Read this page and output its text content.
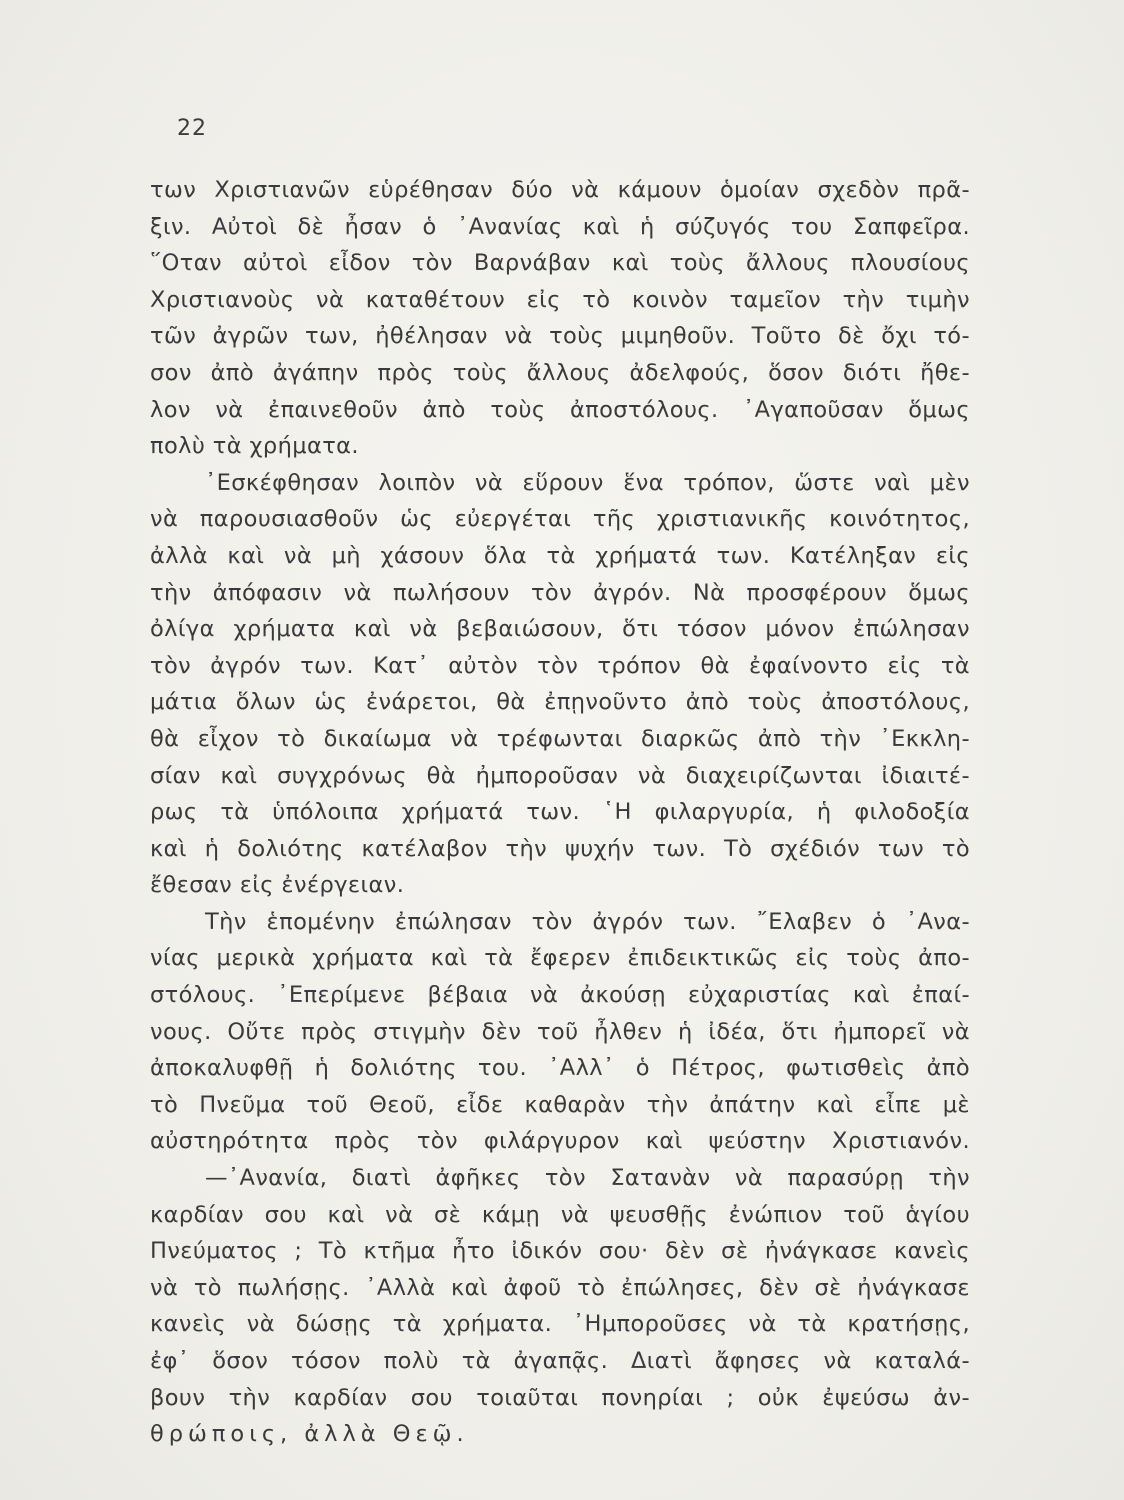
22
των Χριστιανῶν εὑρέθησαν δύο νὰ κάμουν ὁμοίαν σχεδὸν πρᾶ-
ξιν. Αὐτοὶ δὲ ἦσαν ὁ ᾿Ανανίας καὶ ἡ σύζυγός του Σαπφεῖρα.
῞Οταν αὐτοὶ εἶδον τὸν Βαρνάβαν καὶ τοὺς ἄλλους πλουσίους
Χριστιανοὺς νὰ καταθέτουν εἰς τὸ κοινὸν ταμεῖον τὴν τιμὴν
τῶν ἀγρῶν των, ἠθέλησαν νὰ τοὺς μιμηθοῦν. Τοῦτο δὲ ὄχι τό-
σον ἀπὸ ἀγάπην πρὸς τοὺς ἄλλους ἀδελφούς, ὅσον διότι ἤθε-
λον νὰ ἐπαινεθοῦν ἀπὸ τοὺς ἀποστόλους. ᾿Αγαποῦσαν ὅμως
πολὺ τὰ χρήματα.
᾿Εσκέφθησαν λοιπὸν νὰ εὕρουν ἕνα τρόπον, ὥστε ναὶ μὲν
νὰ παρουσιασθοῦν ὡς εὐεργέται τῆς χριστιανικῆς κοινότητος,
ἀλλὰ καὶ νὰ μὴ χάσουν ὅλα τὰ χρήματά των. Κατέληξαν εἰς
τὴν ἀπόφασιν νὰ πωλήσουν τὸν ἀγρόν. Νὰ προσφέρουν ὅμως
ὀλίγα χρήματα καὶ νὰ βεβαιώσουν, ὅτι τόσον μόνον ἐπώλησαν
τὸν ἀγρόν των. Κατ᾿ αὐτὸν τὸν τρόπον θὰ ἐφαίνοντο εἰς τὰ
μάτια ὅλων ὡς ἐνάρετοι, θὰ ἐπῃνοῦντο ἀπὸ τοὺς ἀποστόλους,
θὰ εἶχον τὸ δικαίωμα νὰ τρέφωνται διαρκῶς ἀπὸ τὴν ᾿Εκκλη-
σίαν καὶ συγχρόνως θὰ ἠμποροῦσαν νὰ διαχειρίζωνται ἰδιαιτέ-
ρως τὰ ὑπόλοιπα χρήματά των. ῾Η φιλαργυρία, ἡ φιλοδοξία
καὶ ἡ δολιότης κατέλαβον τὴν ψυχήν των. Τὸ σχέδιόν των τὸ
ἔθεσαν εἰς ἐνέργειαν.
Τὴν ἑπομένην ἐπώλησαν τὸν ἀγρόν των. ῎Ελαβεν ὁ ᾿Ανα-
νίας μερικὰ χρήματα καὶ τὰ ἔφερεν ἐπιδεικτικῶς εἰς τοὺς ἀπο-
στόλους. ᾿Επερίμενε βέβαια νὰ ἀκούσῃ εὐχαριστίας καὶ ἐπαί-
νους. Οὔτε πρὸς στιγμὴν δὲν τοῦ ἦλθεν ἡ ἰδέα, ὅτι ἠμπορεῖ νὰ
ἀποκαλυφθῇ ἡ δολιότης του. ᾿Αλλ᾿ ὁ Πέτρος, φωτισθεὶς ἀπὸ
τὸ Πνεῦμα τοῦ Θεοῦ, εἶδε καθαρὰν τὴν ἀπάτην καὶ εἶπε μὲ
αὐστηρότητα πρὸς τὸν φιλάργυρον καὶ ψεύστην Χριστιανόν.
—᾿Ανανία, διατὶ ἀφῆκες τὸν Σατανὰν νὰ παρασύρῃ τὴν
καρδίαν σου καὶ νὰ σὲ κάμῃ νὰ ψευσθῇς ἐνώπιον τοῦ ἁγίου
Πνεύματος ; Τὸ κτῆμα ἦτο ἰδικόν σου· δὲν σὲ ἠνάγκασε κανεὶς
νὰ τὸ πωλήσῃς. ᾿Αλλὰ καὶ ἀφοῦ τὸ ἐπώλησες, δὲν σὲ ἠνάγκασε
κανεὶς νὰ δώσῃς τὰ χρήματα. ᾿Ημποροῦσες νὰ τὰ κρατήσῃς,
ἐφ᾿ ὅσον τόσον πολὺ τὰ ἀγαπᾷς. Διατὶ ἄφησες νὰ καταλά-
βουν τὴν καρδίαν σου τοιαῦται πονηρίαι ; οὐκ ἐψεύσω ἀν-
θρώποις, ἀλλὰ Θεῷ.
